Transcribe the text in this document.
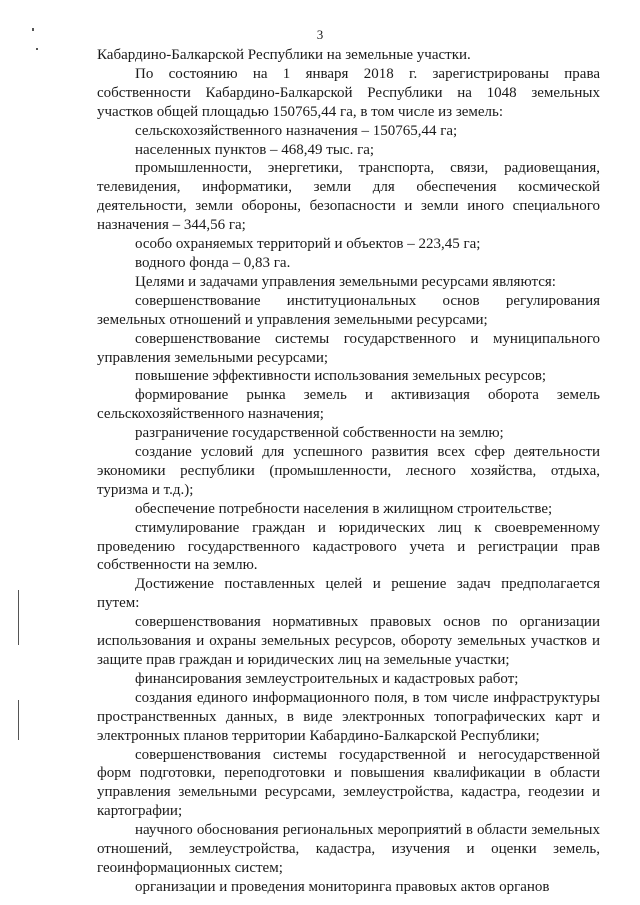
3

Кабардино-Балкарской Республики на земельные участки.

По состоянию на 1 января 2018 г. зарегистрированы права собственности Кабардино-Балкарской Республики на 1048 земельных участков общей площадью 150765,44 га, в том числе из земель:

сельскохозяйственного назначения – 150765,44 га;

населенных пунктов – 468,49 тыс. га;

промышленности, энергетики, транспорта, связи, радиовещания, телевидения, информатики, земли для обеспечения космической деятельности, земли обороны, безопасности и земли иного специального назначения – 344,56 га;

особо охраняемых территорий и объектов – 223,45 га;

водного фонда – 0,83 га.

Целями и задачами управления земельными ресурсами являются:

совершенствование институциональных основ регулирования земельных отношений и управления земельными ресурсами;

совершенствование системы государственного и муниципального управления земельными ресурсами;

повышение эффективности использования земельных ресурсов;

формирование рынка земель и активизация оборота земель сельскохозяйственного назначения;

разграничение государственной собственности на землю;

создание условий для успешного развития всех сфер деятельности экономики республики (промышленности, лесного хозяйства, отдыха, туризма и т.д.);

обеспечение потребности населения в жилищном строительстве;

стимулирование граждан и юридических лиц к своевременному проведению государственного кадастрового учета и регистрации прав собственности на землю.

Достижение поставленных целей и решение задач предполагается путем:

совершенствования нормативных правовых основ по организации использования и охраны земельных ресурсов, обороту земельных участков и защите прав граждан и юридических лиц на земельные участки;

финансирования землеустроительных и кадастровых работ;

создания единого информационного поля, в том числе инфраструктуры пространственных данных, в виде электронных топографических карт и электронных планов территории Кабардино-Балкарской Республики;

совершенствования системы государственной и негосударственной форм подготовки, переподготовки и повышения квалификации в области управления земельными ресурсами, землеустройства, кадастра, геодезии и картографии;

научного обоснования региональных мероприятий в области земельных отношений, землеустройства, кадастра, изучения и оценки земель, геоинформационных систем;

организации и проведения мониторинга правовых актов органов
